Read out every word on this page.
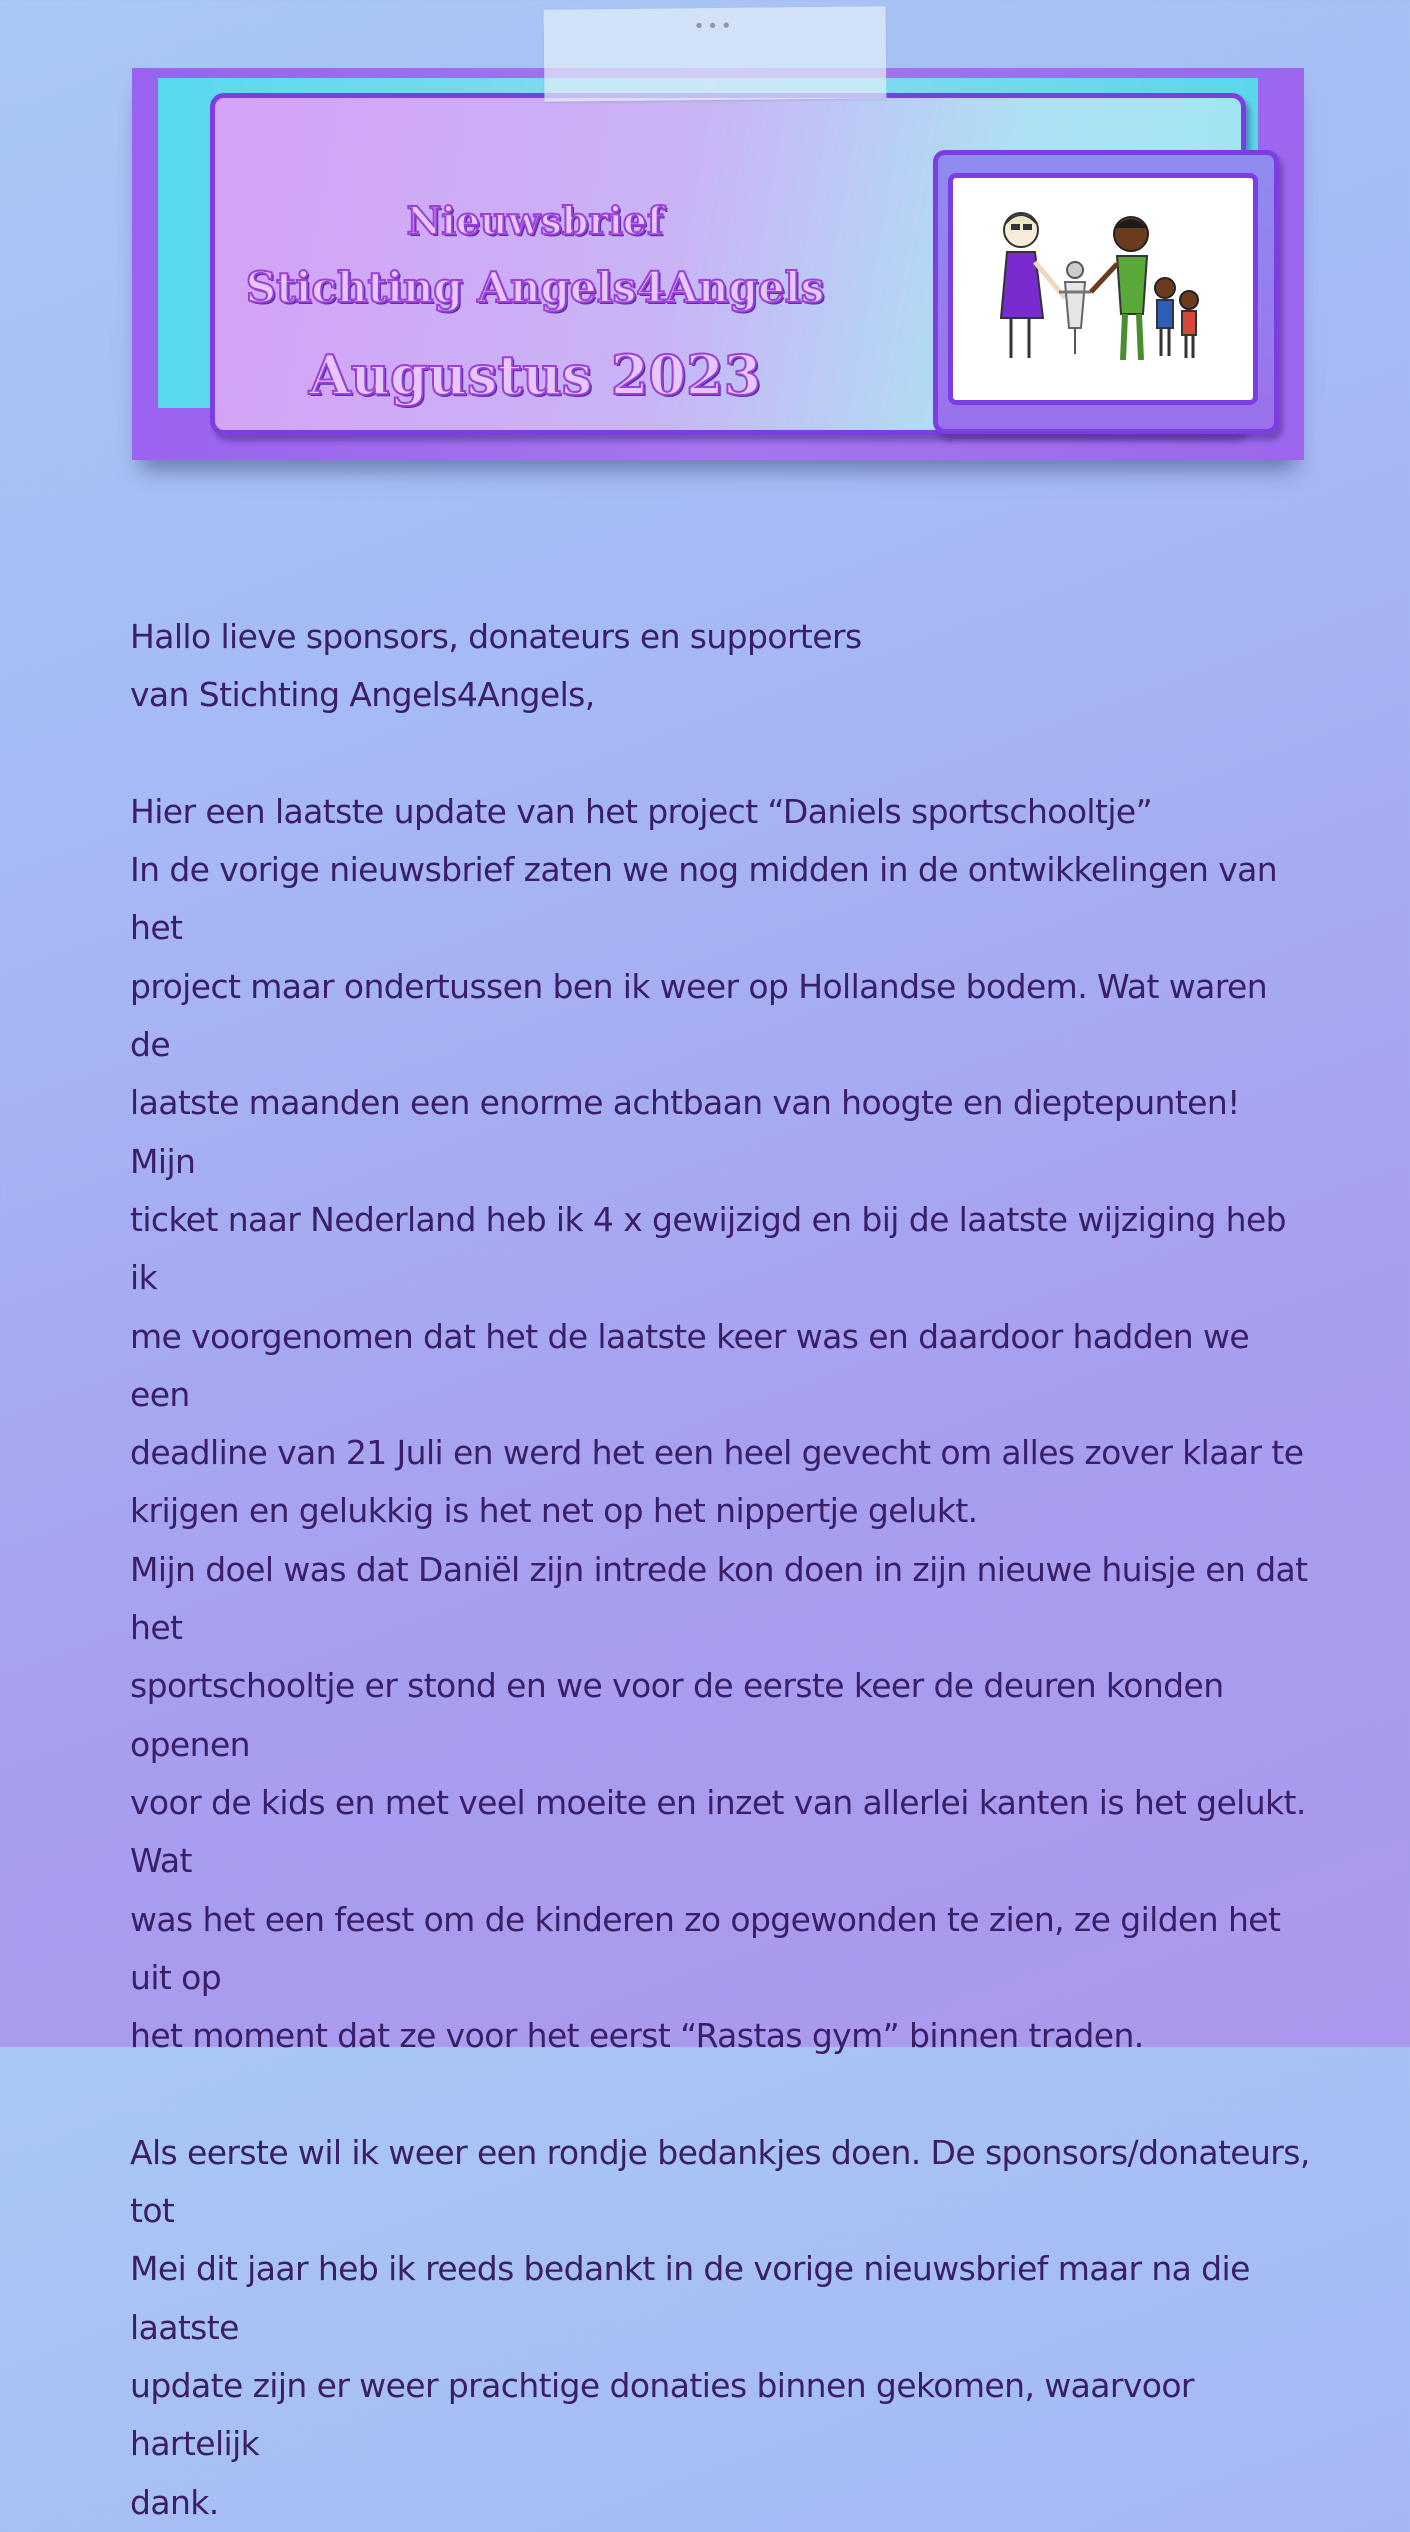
•••
Nieuwsbrief
Stichting Angels4Angels
Augustus 2023

Hallo lieve sponsors, donateurs en supporters

van Stichting Angels4Angels,

Hier een laatste update van het project “Daniels sportschooltje”

In de vorige nieuwsbrief zaten we nog midden in de ontwikkelingen van het

project maar ondertussen ben ik weer op Hollandse bodem. Wat waren de

laatste maanden een enorme achtbaan van hoogte en dieptepunten! Mijn

ticket naar Nederland heb ik 4 x gewijzigd en bij de laatste wijziging heb ik

me voorgenomen dat het de laatste keer was en daardoor hadden we een

deadline van 21 Juli en werd het een heel gevecht om alles zover klaar te

krijgen en gelukkig is het net op het nippertje gelukt.

Mijn doel was dat Daniël zijn intrede kon doen in zijn nieuwe huisje en dat het

sportschooltje er stond en we voor de eerste keer de deuren konden openen

voor de kids en met veel moeite en inzet van allerlei kanten is het gelukt. Wat

was het een feest om de kinderen zo opgewonden te zien, ze gilden het uit op

het moment dat ze voor het eerst “Rastas gym” binnen traden.

Als eerste wil ik weer een rondje bedankjes doen. De sponsors/donateurs, tot

Mei dit jaar heb ik reeds bedankt in de vorige nieuwsbrief maar na die laatste

update zijn er weer prachtige donaties binnen gekomen, waarvoor hartelijk

dank.
